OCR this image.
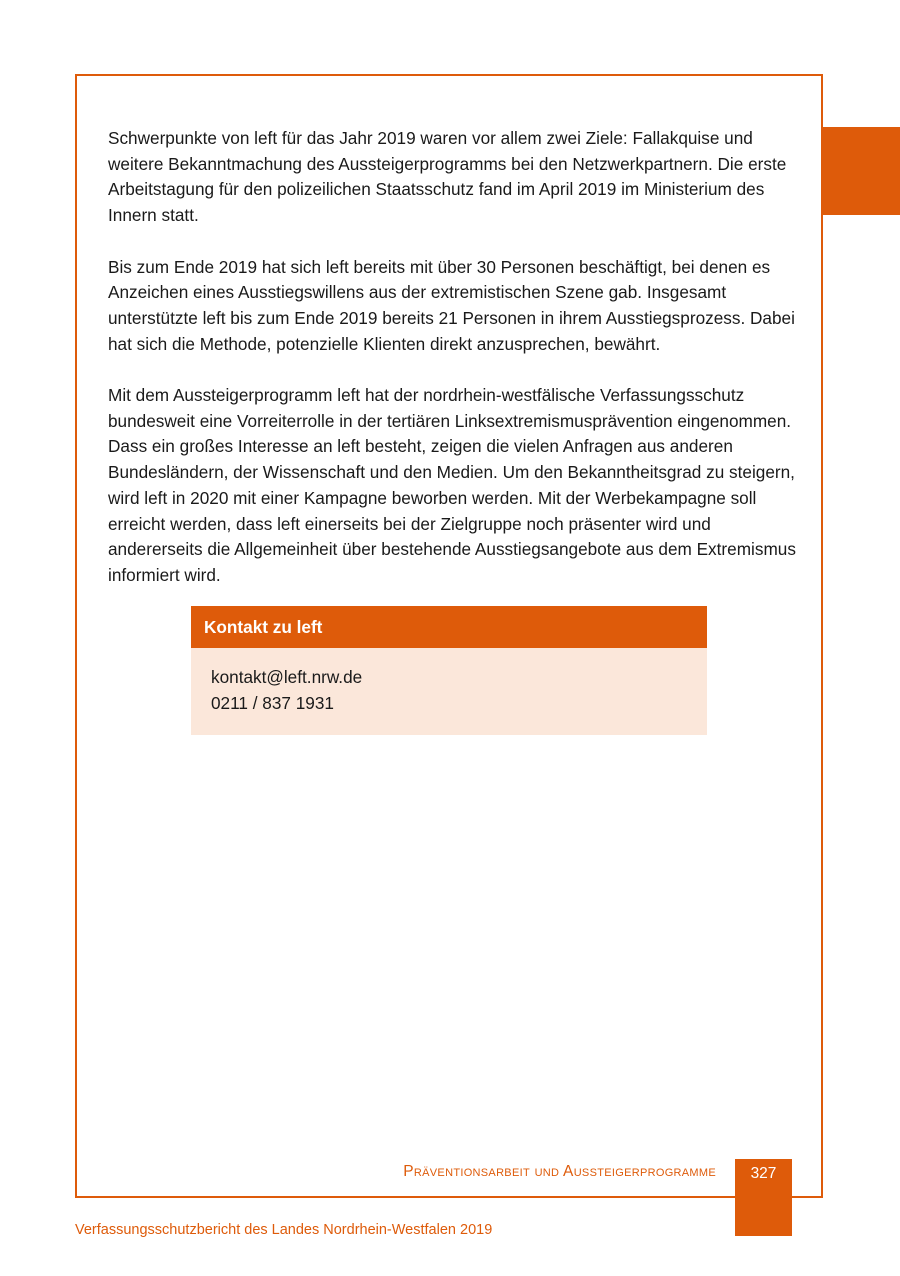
Schwerpunkte von left für das Jahr 2019 waren vor allem zwei Ziele: Fallakquise und weitere Bekanntmachung des Aussteigerprogramms bei den Netzwerkpartnern. Die erste Arbeitstagung für den polizeilichen Staatsschutz fand im April 2019 im Ministerium des Innern statt.

Bis zum Ende 2019 hat sich left bereits mit über 30 Personen beschäftigt, bei denen es Anzeichen eines Ausstiegswillens aus der extremistischen Szene gab. Insgesamt unterstützte left bis zum Ende 2019 bereits 21 Personen in ihrem Ausstiegsprozess. Dabei hat sich die Methode, potenzielle Klienten direkt anzusprechen, bewährt.

Mit dem Aussteigerprogramm left hat der nordrhein-westfälische Verfassungsschutz bundesweit eine Vorreiterrolle in der tertiären Linksextremismusprävention eingenommen. Dass ein großes Interesse an left besteht, zeigen die vielen Anfragen aus anderen Bundesländern, der Wissenschaft und den Medien. Um den Bekanntheitsgrad zu steigern, wird left in 2020 mit einer Kampagne beworben werden. Mit der Werbekampagne soll erreicht werden, dass left einerseits bei der Zielgruppe noch präsenter wird und andererseits die Allgemeinheit über bestehende Ausstiegsangebote aus dem Extremismus informiert wird.

Kontakt zu left
kontakt@left.nrw.de
0211 / 837 1931
Präventionsarbeit und Aussteigerprogramme	327
Verfassungsschutzbericht des Landes Nordrhein-Westfalen 2019
